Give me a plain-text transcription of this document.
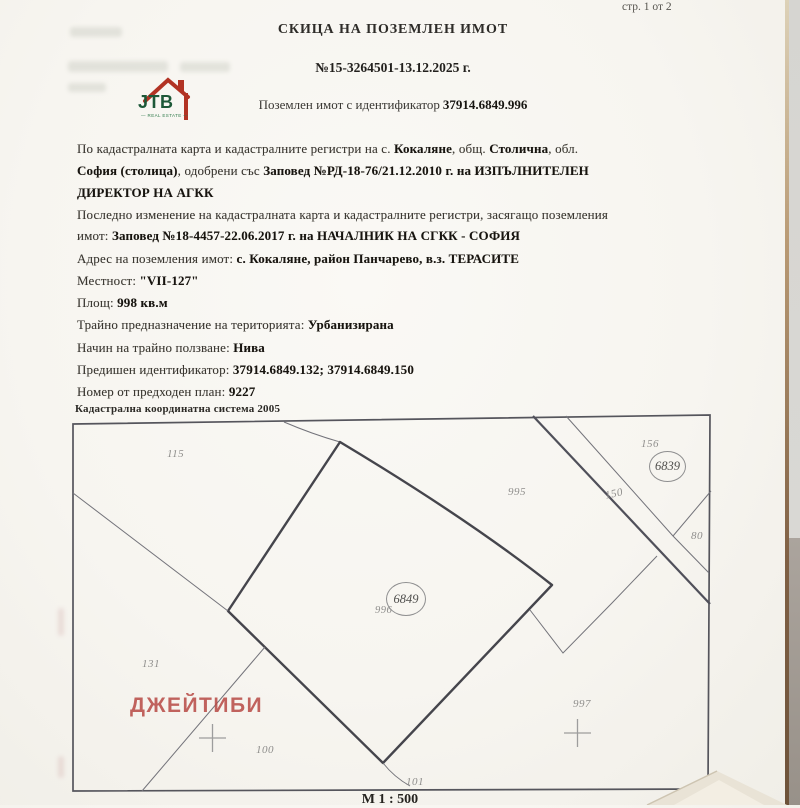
стр. 1 от 2
СКИЦА НА ПОЗЕМЛЕН ИМОТ
№15-3264501-13.12.2025 г.
Поземлен имот с идентификатор 37914.6849.996
JTB
— REAL ESTATE —
По кадастралната карта и кадастралните регистри на с. Кокаляне, общ. Столична, обл.
София (столица), одобрени със Заповед №РД-18-76/21.12.2010 г. на ИЗПЪЛНИТЕЛЕН
ДИРЕКТОР НА АГКК
Последно изменение на кадастралната карта и кадастралните регистри, засягащо поземления
имот: Заповед №18-4457-22.06.2017 г. на НАЧАЛНИК НА СГКК - СОФИЯ
Адрес на поземления имот: с. Кокаляне, район Панчарево, в.з. ТЕРАСИТЕ
Местност: "VII-127"
Площ: 998 кв.м
Трайно предназначение на територията: Урбанизирана
Начин на трайно ползване: Нива
Предишен идентификатор: 37914.6849.132; 37914.6849.150
Номер от предходен план: 9227
Кадастрална координатна система 2005
115
995
156
150
80
131
100
997
101
996
6839
6849
ДЖЕЙТИБИ
М 1 : 500
